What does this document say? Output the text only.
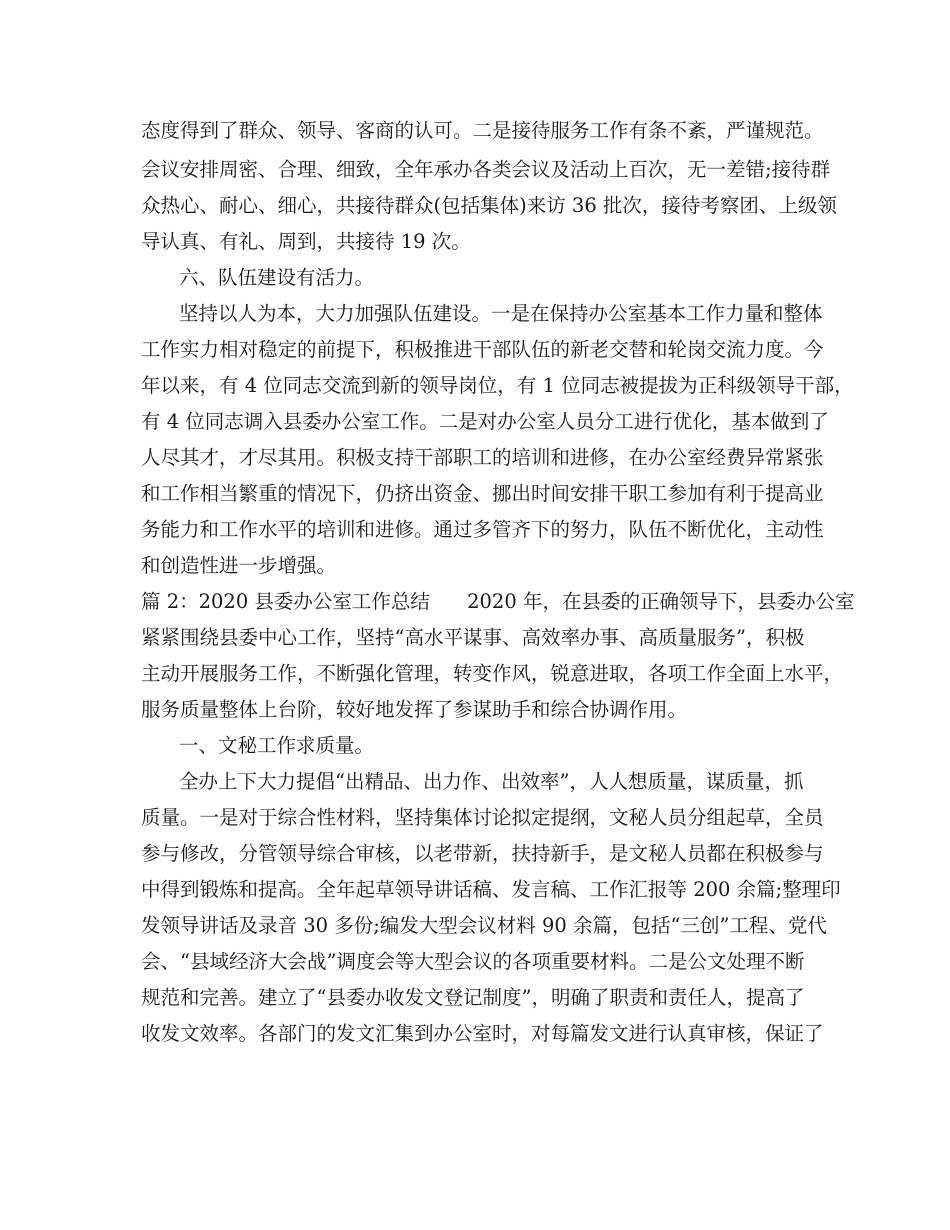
态度得到了群众、领导、客商的认可。二是接待服务工作有条不紊，严谨规范。

会议安排周密、合理、细致，全年承办各类会议及活动上百次，无一差错;接待群

众热心、耐心、细心，共接待群众(包括集体)来访 36 批次，接待考察团、上级领

导认真、有礼、周到，共接待 19 次。

六、队伍建设有活力。

坚持以人为本，大力加强队伍建设。一是在保持办公室基本工作力量和整体

工作实力相对稳定的前提下，积极推进干部队伍的新老交替和轮岗交流力度。今

年以来，有 4 位同志交流到新的领导岗位，有 1 位同志被提拔为正科级领导干部，

有 4 位同志调入县委办公室工作。二是对办公室人员分工进行优化，基本做到了

人尽其才，才尽其用。积极支持干部职工的培训和进修，在办公室经费异常紧张

和工作相当繁重的情况下，仍挤出资金、挪出时间安排干职工参加有利于提高业

务能力和工作水平的培训和进修。通过多管齐下的努力，队伍不断优化，主动性

和创造性进一步增强。

篇 2：2020 县委办公室工作总结      2020 年，在县委的正确领导下，县委办公室

紧紧围绕县委中心工作，坚持“高水平谋事、高效率办事、高质量服务”，积极

主动开展服务工作，不断强化管理，转变作风，锐意进取，各项工作全面上水平，

服务质量整体上台阶，较好地发挥了参谋助手和综合协调作用。

一、文秘工作求质量。

全办上下大力提倡“出精品、出力作、出效率”，人人想质量，谋质量，抓

质量。一是对于综合性材料，坚持集体讨论拟定提纲，文秘人员分组起草，全员

参与修改，分管领导综合审核，以老带新，扶持新手，是文秘人员都在积极参与

中得到锻炼和提高。全年起草领导讲话稿、发言稿、工作汇报等 200 余篇;整理印

发领导讲话及录音 30 多份;编发大型会议材料 90 余篇，包括“三创”工程、党代

会、“县域经济大会战”调度会等大型会议的各项重要材料。二是公文处理不断

规范和完善。建立了“县委办收发文登记制度”，明确了职责和责任人，提高了

收发文效率。各部门的发文汇集到办公室时，对每篇发文进行认真审核，保证了
